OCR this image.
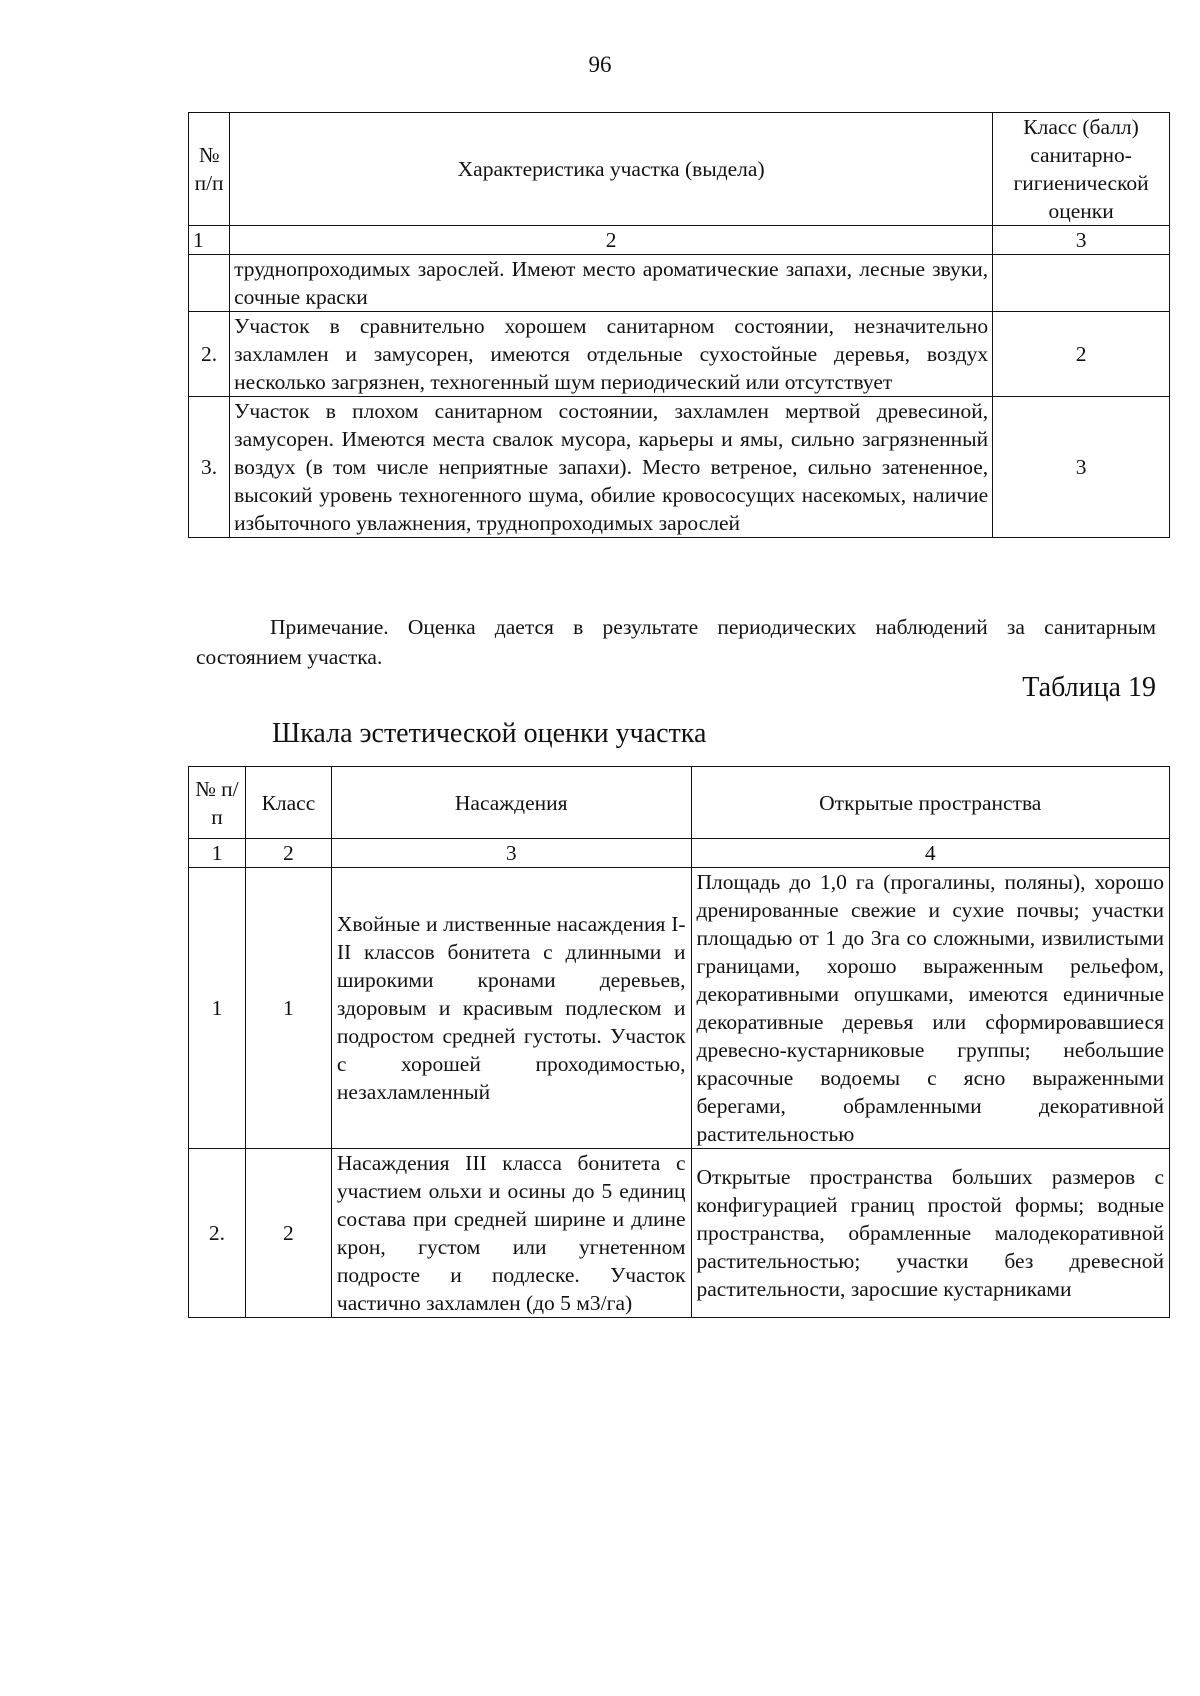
96
№ п/п	Характеристика участка (выдела)	Класс (балл) санитарно-гигиенической оценки
1	2	3
	труднопроходимых зарослей. Имеют место ароматические запахи, лесные звуки, сочные краски	
2.	Участок в сравнительно хорошем санитарном состоянии, незначительно захламлен и замусорен, имеются отдельные сухостойные деревья, воздух несколько загрязнен, техногенный шум периодический или отсутствует	2
3.	Участок в плохом санитарном состоянии, захламлен мертвой древесиной, замусорен. Имеются места свалок мусора, карьеры и ямы, сильно загрязненный воздух (в том числе неприятные запахи). Место ветреное, сильно затененное, высокий уровень техногенного шума, обилие кровососущих насекомых, наличие избыточного увлажнения, труднопроходимых зарослей	3
Примечание. Оценка дается в результате периодических наблюдений за санитарным состоянием участка.
Таблица 19
Шкала эстетической оценки участка
№ п/п	Класс	Насаждения	Открытые пространства
1	2	3	4
1	1	Хвойные и лиственные насаждения I-II классов бонитета с длинными и широкими кронами деревьев, здоровым и красивым подлеском и подростом средней густоты. Участок с хорошей проходимостью, незахламленный	Площадь до 1,0 га (прогалины, поляны), хорошо дренированные свежие и сухие почвы; участки площадью от 1 до 3га со сложными, извилистыми границами, хорошо выраженным рельефом, декоративными опушками, имеются единичные декоративные деревья или сформировавшиеся древесно-кустарниковые группы; небольшие красочные водоемы с ясно выраженными берегами, обрамленными декоративной растительностью
2.	2	Насаждения III класса бонитета с участием ольхи и осины до 5 единиц состава при средней ширине и длине крон, густом или угнетенном подросте и подлеске. Участок частично захламлен (до 5 м3/га)	Открытые пространства больших размеров с конфигурацией границ простой формы; водные пространства, обрамленные малодекоративной растительностью; участки без древесной растительности, заросшие кустарниками
